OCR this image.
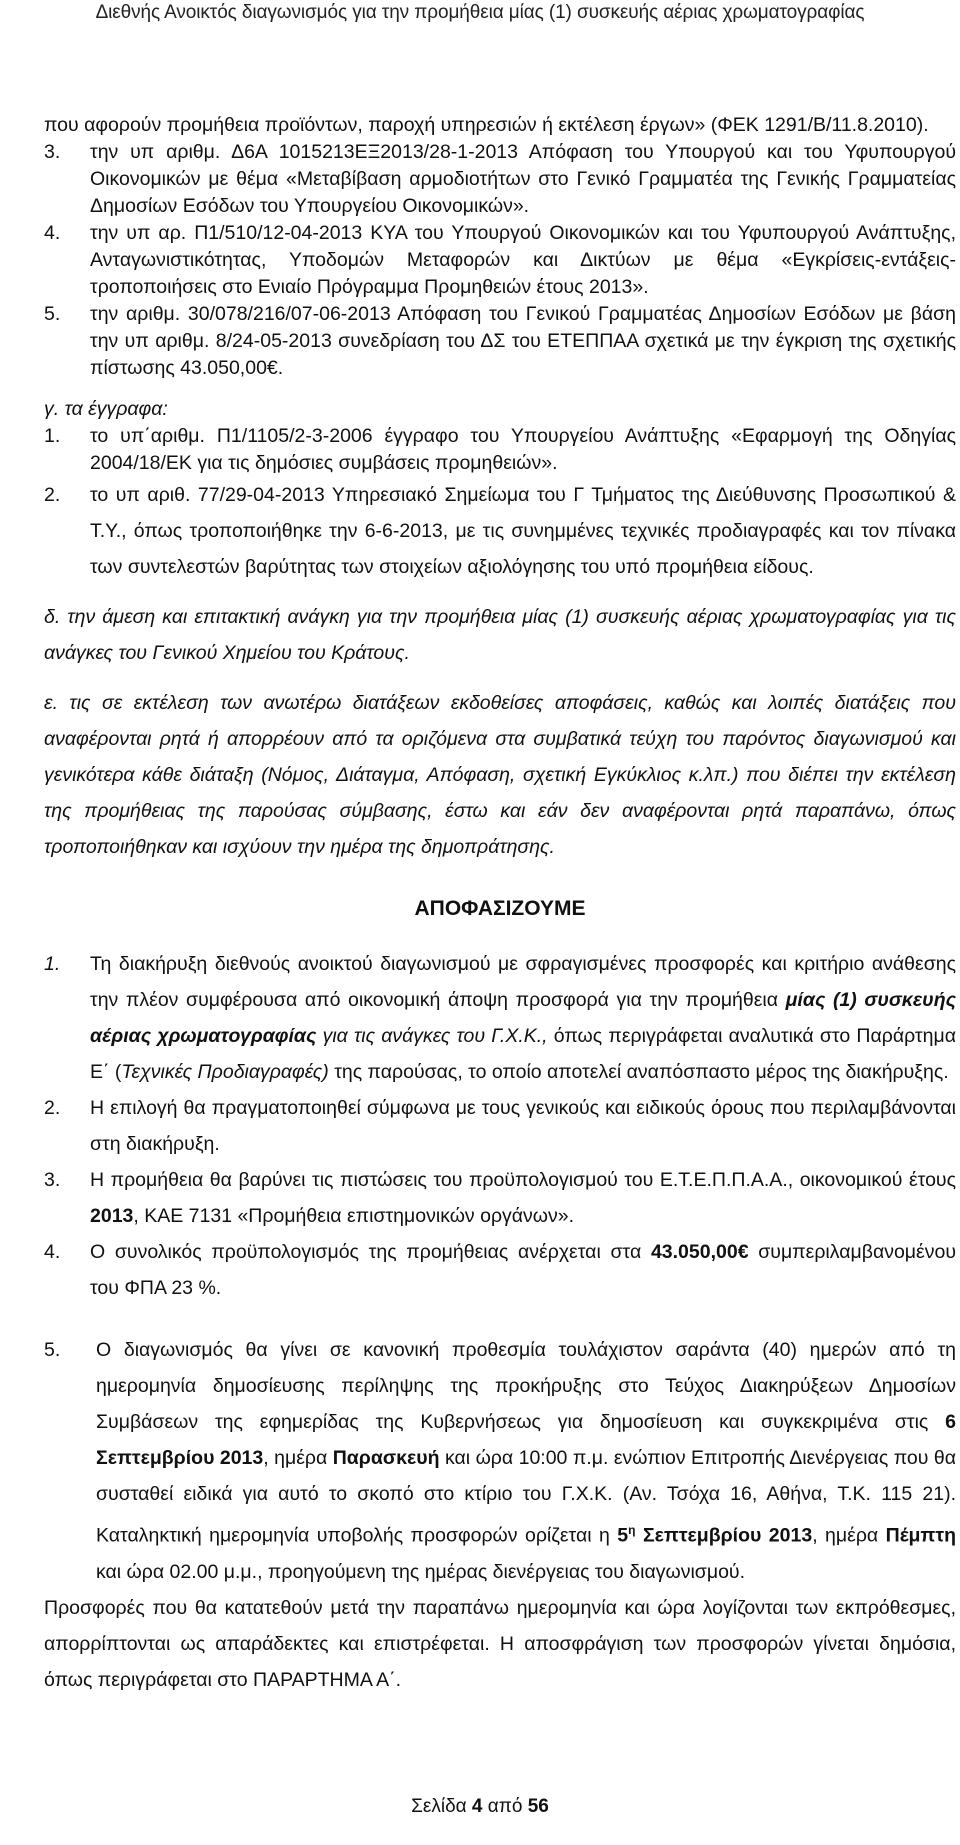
Διεθνής Ανοικτός διαγωνισμός για την προμήθεια μίας (1) συσκευής αέριας χρωματογραφίας
που αφορούν προμήθεια προϊόντων, παροχή υπηρεσιών ή εκτέλεση έργων» (ΦΕΚ 1291/Β/11.8.2010).
3.	την υπ αριθμ. Δ6Α 1015213ΕΞ2013/28-1-2013 Απόφαση του Υπουργού και του Υφυπουργού Οικονομικών με θέμα «Μεταβίβαση αρμοδιοτήτων στο Γενικό Γραμματέα της Γενικής Γραμματείας Δημοσίων Εσόδων του Υπουργείου Οικονομικών».
4.	την υπ αρ. Π1/510/12-04-2013 ΚΥΑ του Υπουργού Οικονομικών και του Υφυπουργού Ανάπτυξης, Ανταγωνιστικότητας, Υποδομών Μεταφορών και Δικτύων με θέμα «Εγκρίσεις-εντάξεις- τροποποιήσεις στο Ενιαίο Πρόγραμμα Προμηθειών έτους 2013».
5.	την αριθμ. 30/078/216/07-06-2013 Απόφαση του Γενικού Γραμματέας Δημοσίων Εσόδων με βάση την υπ αριθμ. 8/24-05-2013 συνεδρίαση του ΔΣ του ΕΤΕΠΠΑΑ σχετικά με την έγκριση της σχετικής πίστωσης 43.050,00€.
γ. τα έγγραφα:
1.	το υπ΄αριθμ. Π1/1105/2-3-2006 έγγραφο του Υπουργείου Ανάπτυξης «Εφαρμογή της Οδηγίας 2004/18/ΕΚ για τις δημόσιες συμβάσεις προμηθειών».
2.	το υπ αριθ. 77/29-04-2013 Υπηρεσιακό Σημείωμα του Γ Τμήματος της Διεύθυνσης Προσωπικού & Τ.Υ., όπως τροποποιήθηκε την 6-6-2013, με τις συνημμένες τεχνικές προδιαγραφές και τον πίνακα των συντελεστών βαρύτητας των στοιχείων αξιολόγησης του υπό προμήθεια είδους.
δ. την άμεση και επιτακτική ανάγκη για την προμήθεια μίας (1) συσκευής αέριας χρωματογραφίας για τις ανάγκες του Γενικού Χημείου του Κράτους.
ε. τις σε εκτέλεση των ανωτέρω διατάξεων εκδοθείσες αποφάσεις, καθώς και λοιπές διατάξεις που αναφέρονται ρητά ή απορρέουν από τα οριζόμενα στα συμβατικά τεύχη του παρόντος διαγωνισμού και γενικότερα κάθε διάταξη (Νόμος, Διάταγμα, Απόφαση, σχετική Εγκύκλιος κ.λπ.) που διέπει την εκτέλεση της προμήθειας της παρούσας σύμβασης, έστω και εάν δεν αναφέρονται ρητά παραπάνω, όπως τροποποιήθηκαν και ισχύουν την ημέρα της δημοπράτησης.
ΑΠΟΦΑΣΙΖΟΥΜΕ
1.	Τη διακήρυξη διεθνούς ανοικτού διαγωνισμού με σφραγισμένες προσφορές και κριτήριο ανάθεσης την πλέον συμφέρουσα από οικονομική άποψη προσφορά για την προμήθεια μίας (1) συσκευής αέριας χρωματογραφίας για τις ανάγκες του Γ.Χ.Κ., όπως περιγράφεται αναλυτικά στο Παράρτημα Ε΄ (Τεχνικές Προδιαγραφές) της παρούσας, το οποίο αποτελεί αναπόσπαστο μέρος της διακήρυξης.
2.	Η επιλογή θα πραγματοποιηθεί σύμφωνα με τους γενικούς και ειδικούς όρους που περιλαμβάνονται στη διακήρυξη.
3.	Η προμήθεια θα βαρύνει τις πιστώσεις του προϋπολογισμού του Ε.Τ.Ε.Π.Π.Α.Α., οικονομικού έτους 2013, ΚΑΕ 7131 «Προμήθεια επιστημονικών οργάνων».
4.	Ο συνολικός προϋπολογισμός της προμήθειας ανέρχεται στα 43.050,00€ συμπεριλαμβανομένου του ΦΠΑ 23 %.
5.	Ο διαγωνισμός θα γίνει σε κανονική προθεσμία τουλάχιστον σαράντα (40) ημερών από τη ημερομηνία δημοσίευσης περίληψης της προκήρυξης στο Τεύχος Διακηρύξεων Δημοσίων Συμβάσεων της εφημερίδας της Κυβερνήσεως για δημοσίευση και συγκεκριμένα στις 6 Σεπτεμβρίου 2013, ημέρα Παρασκευή και ώρα 10:00 π.μ. ενώπιον Επιτροπής Διενέργειας που θα συσταθεί ειδικά για αυτό το σκοπό στο κτίριο του Γ.Χ.Κ. (Αν. Τσόχα 16, Αθήνα, Τ.Κ. 115 21). Καταληκτική ημερομηνία υποβολής προσφορών ορίζεται η $5^\eta$ Σεπτεμβρίου 2013, ημέρα Πέμπτη και ώρα 02.00 μ.μ., προηγούμενη της ημέρας διενέργειας του διαγωνισμού.
Προσφορές που θα κατατεθούν μετά την παραπάνω ημερομηνία και ώρα λογίζονται των εκπρόθεσμες, απορρίπτονται ως απαράδεκτες και επιστρέφεται. Η αποσφράγιση των προσφορών γίνεται δημόσια, όπως περιγράφεται στο ΠΑΡΑΡΤΗΜΑ Α΄.
Σελίδα 4 από 56
